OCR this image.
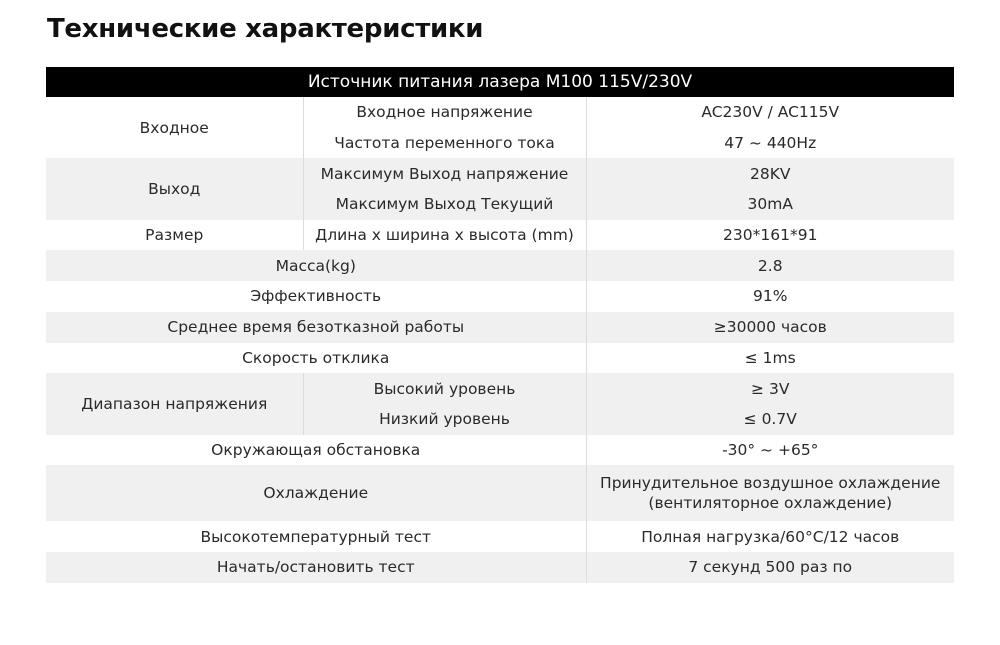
Технические характеристики
Источник питания лазера M100 115V/230V		
Входное	Входное напряжение	AC230V / AC115V
	Частота переменного тока	47 ~ 440Hz
Выход	Максимум Выход напряжение	28KV
	Максимум Выход Текущий	30mA
Размер	Длина x ширина x высота (mm)	230*161*91
Масса(kg)		2.8
Эффективность		91%
Среднее время безотказной работы		≥30000 часов
Скорость отклика		≤ 1ms
Диапазон напряжения	Высокий уровень	≥ 3V
	Низкий уровень	≤ 0.7V
Окружающая обстановка		-30° ~ +65°
Охлаждение		Принудительное воздушное охлаждение
(вентиляторное охлаждение)

Высокотемпературный тест		Полная нагрузка/60°C/12 часов
Начать/остановить тест		7 секунд 500 раз по
